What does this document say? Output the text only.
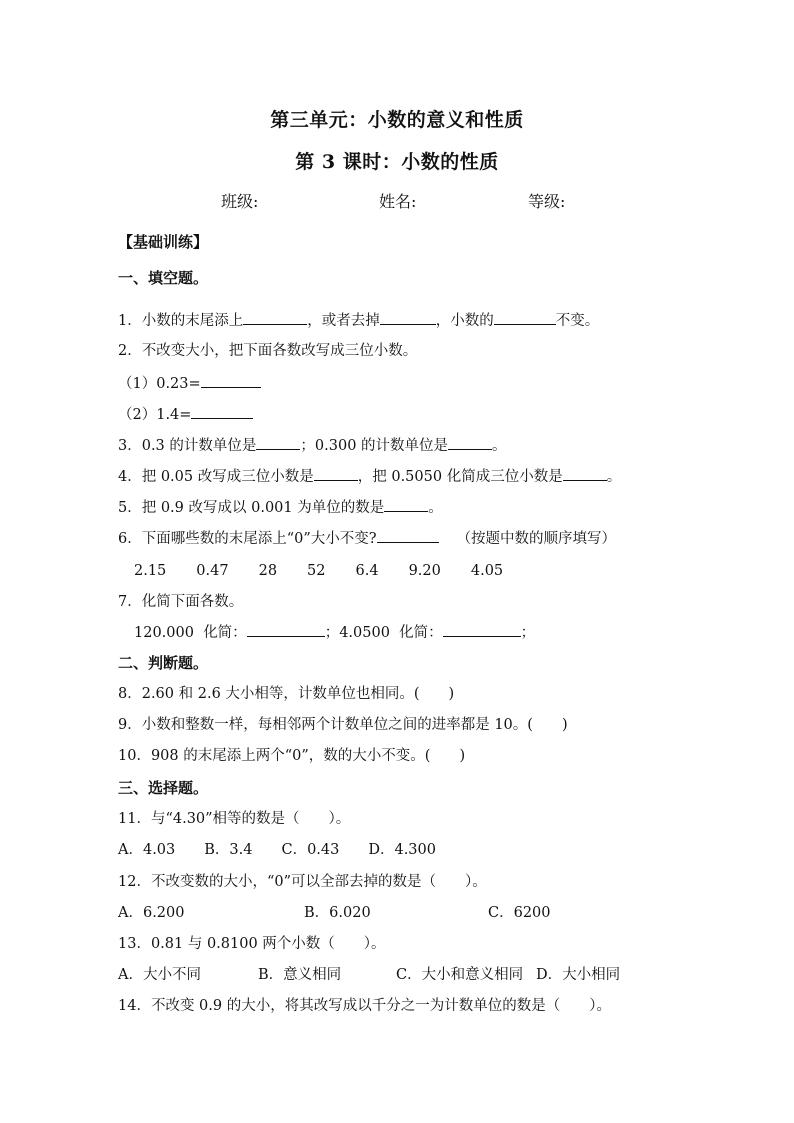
第三单元：小数的意义和性质
第 3 课时：小数的性质
班级:	姓名:	等级:
【基础训练】
一、填空题。
1．小数的末尾添上	，或者去掉	，小数的	不变。
2．不改变大小，把下面各数改写成三位小数。
（1）0.23=
（2）1.4=
3．0.3 的计数单位是	；0.300 的计数单位是	。
4．把 0.05 改写成三位小数是	，把 0.5050 化简成三位小数是	。
5．把 0.9 改写成以 0.001 为单位的数是	。
6．下面哪些数的末尾添上“0”大小不变?	（按题中数的顺序填写）
2.15 0.47 28 52 6.4 9.20 4.05
7．化简下面各数。
120.000 化简：	；4.0500 化简：	；
二、判断题。
8．2.60 和 2.6 大小相等，计数单位也相同。(　　)
9．小数和整数一样，每相邻两个计数单位之间的进率都是 10。(　　)
10．908 的末尾添上两个“0”，数的大小不变。(　　)
三、选择题。
11．与“4.30”相等的数是（　　）。
A．4.03　　B．3.4　　C．0.43　　D．4.300
12．不改变数的大小，“0”可以全部去掉的数是（　　）。
A．6.200	B．6.020	C．6200
13．0.81 与 0.8100 两个小数（　　）。
A．大小不同	B．意义相同	C．大小和意义相同 D．大小相同
14．不改变 0.9 的大小，将其改写成以千分之一为计数单位的数是（　　）。
